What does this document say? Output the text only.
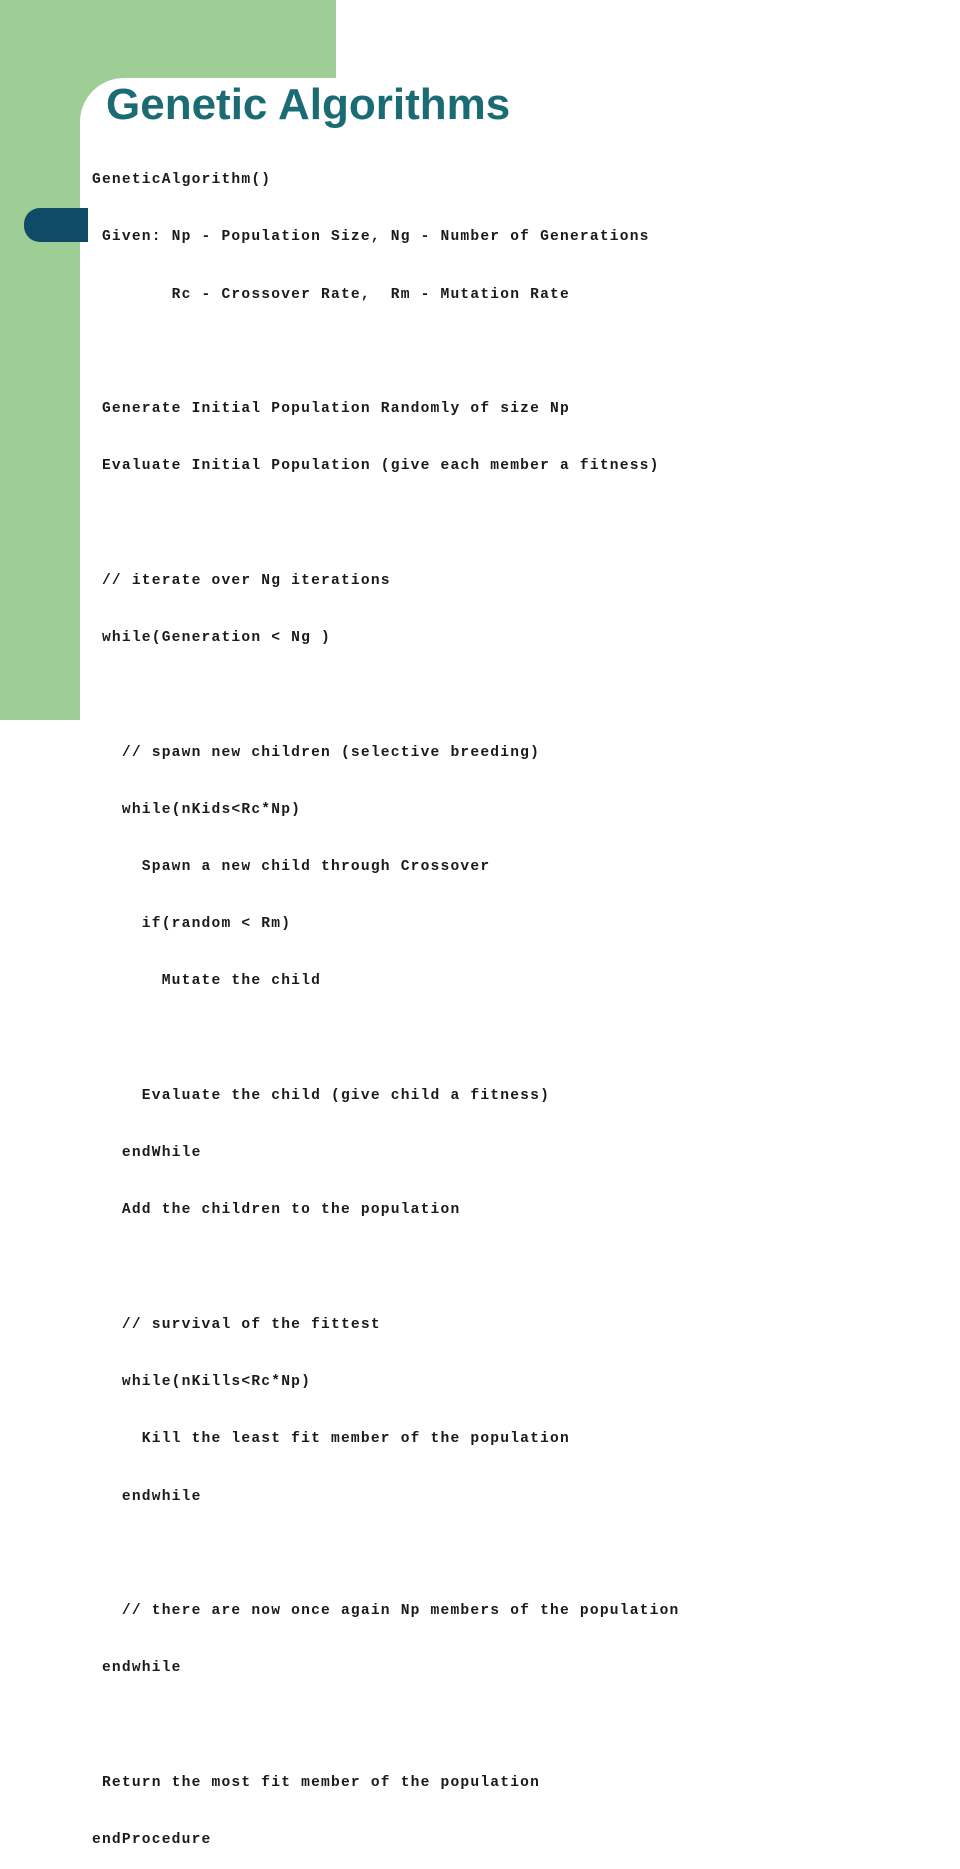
Genetic Algorithms

GeneticAlgorithm()

Given: Np - Population Size, Ng - Number of Generations

Rc - Crossover Rate,  Rm - Mutation Rate

Generate Initial Population Randomly of size Np

Evaluate Initial Population (give each member a fitness)

// iterate over Ng iterations

while(Generation < Ng )

// spawn new children (selective breeding)

while(nKids<Rc*Np)

Spawn a new child through Crossover

if(random < Rm)

Mutate the child

Evaluate the child (give child a fitness)

endWhile

Add the children to the population

// survival of the fittest

while(nKills<Rc*Np)

Kill the least fit member of the population

endwhile

// there are now once again Np members of the population

endwhile

Return the most fit member of the population

endProcedure
